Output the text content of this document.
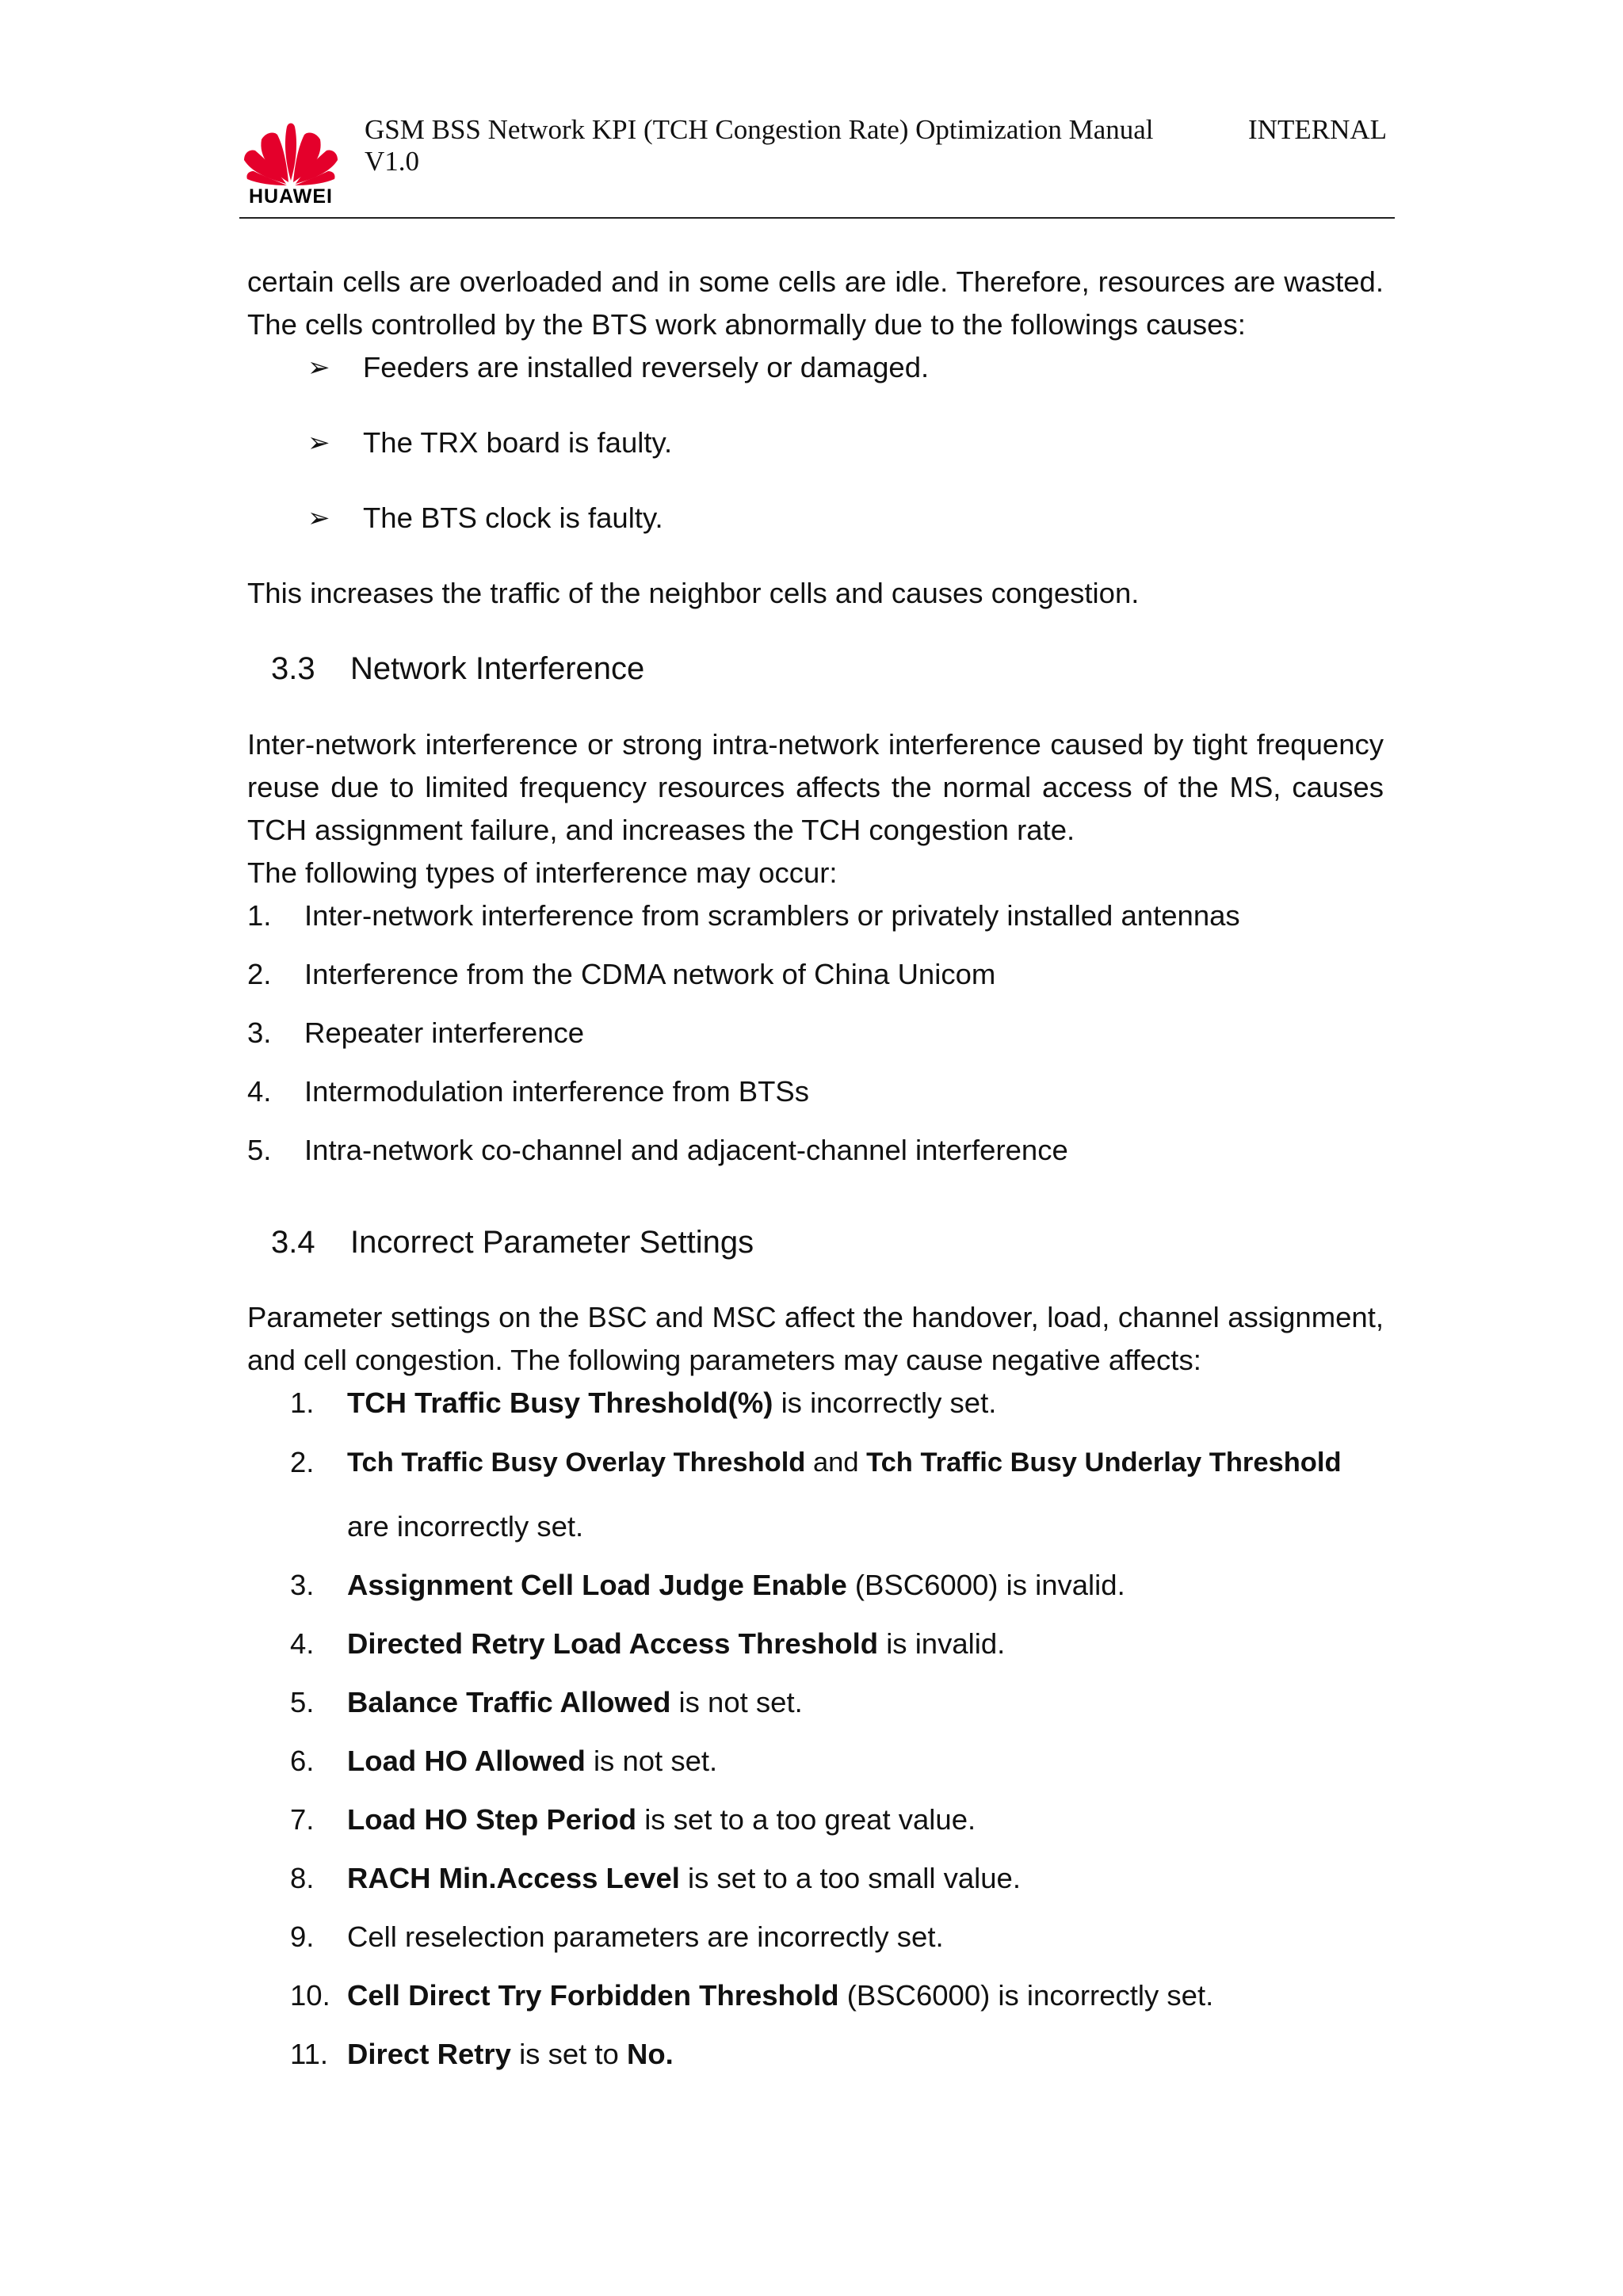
HUAWEI
GSM BSS Network KPI (TCH Congestion Rate) Optimization Manual
V1.0
INTERNAL
certain cells are overloaded and in some cells are idle. Therefore, resources are wasted.
The cells controlled by the BTS work abnormally due to the followings causes:
➢ Feeders are installed reversely or damaged.
➢ The TRX board is faulty.
➢ The BTS clock is faulty.
This increases the traffic of the neighbor cells and causes congestion.
3.3 Network Interference
Inter-network interference or strong intra-network interference caused by tight frequency
reuse due to limited frequency resources affects the normal access of the MS, causes
TCH assignment failure, and increases the TCH congestion rate.
The following types of interference may occur:
1. Inter-network interference from scramblers or privately installed antennas
2. Interference from the CDMA network of China Unicom
3. Repeater interference
4. Intermodulation interference from BTSs
5. Intra-network co-channel and adjacent-channel interference
3.4 Incorrect Parameter Settings
Parameter settings on the BSC and MSC affect the handover, load, channel assignment,
and cell congestion. The following parameters may cause negative affects:
1. TCH Traffic Busy Threshold(%) is incorrectly set.
2. Tch Traffic Busy Overlay Threshold and Tch Traffic Busy Underlay Threshold
are incorrectly set.
3. Assignment Cell Load Judge Enable (BSC6000) is invalid.
4. Directed Retry Load Access Threshold is invalid.
5. Balance Traffic Allowed is not set.
6. Load HO Allowed is not set.
7. Load HO Step Period is set to a too great value.
8. RACH Min.Access Level is set to a too small value.
9. Cell reselection parameters are incorrectly set.
10. Cell Direct Try Forbidden Threshold (BSC6000) is incorrectly set.
11. Direct Retry is set to No.
